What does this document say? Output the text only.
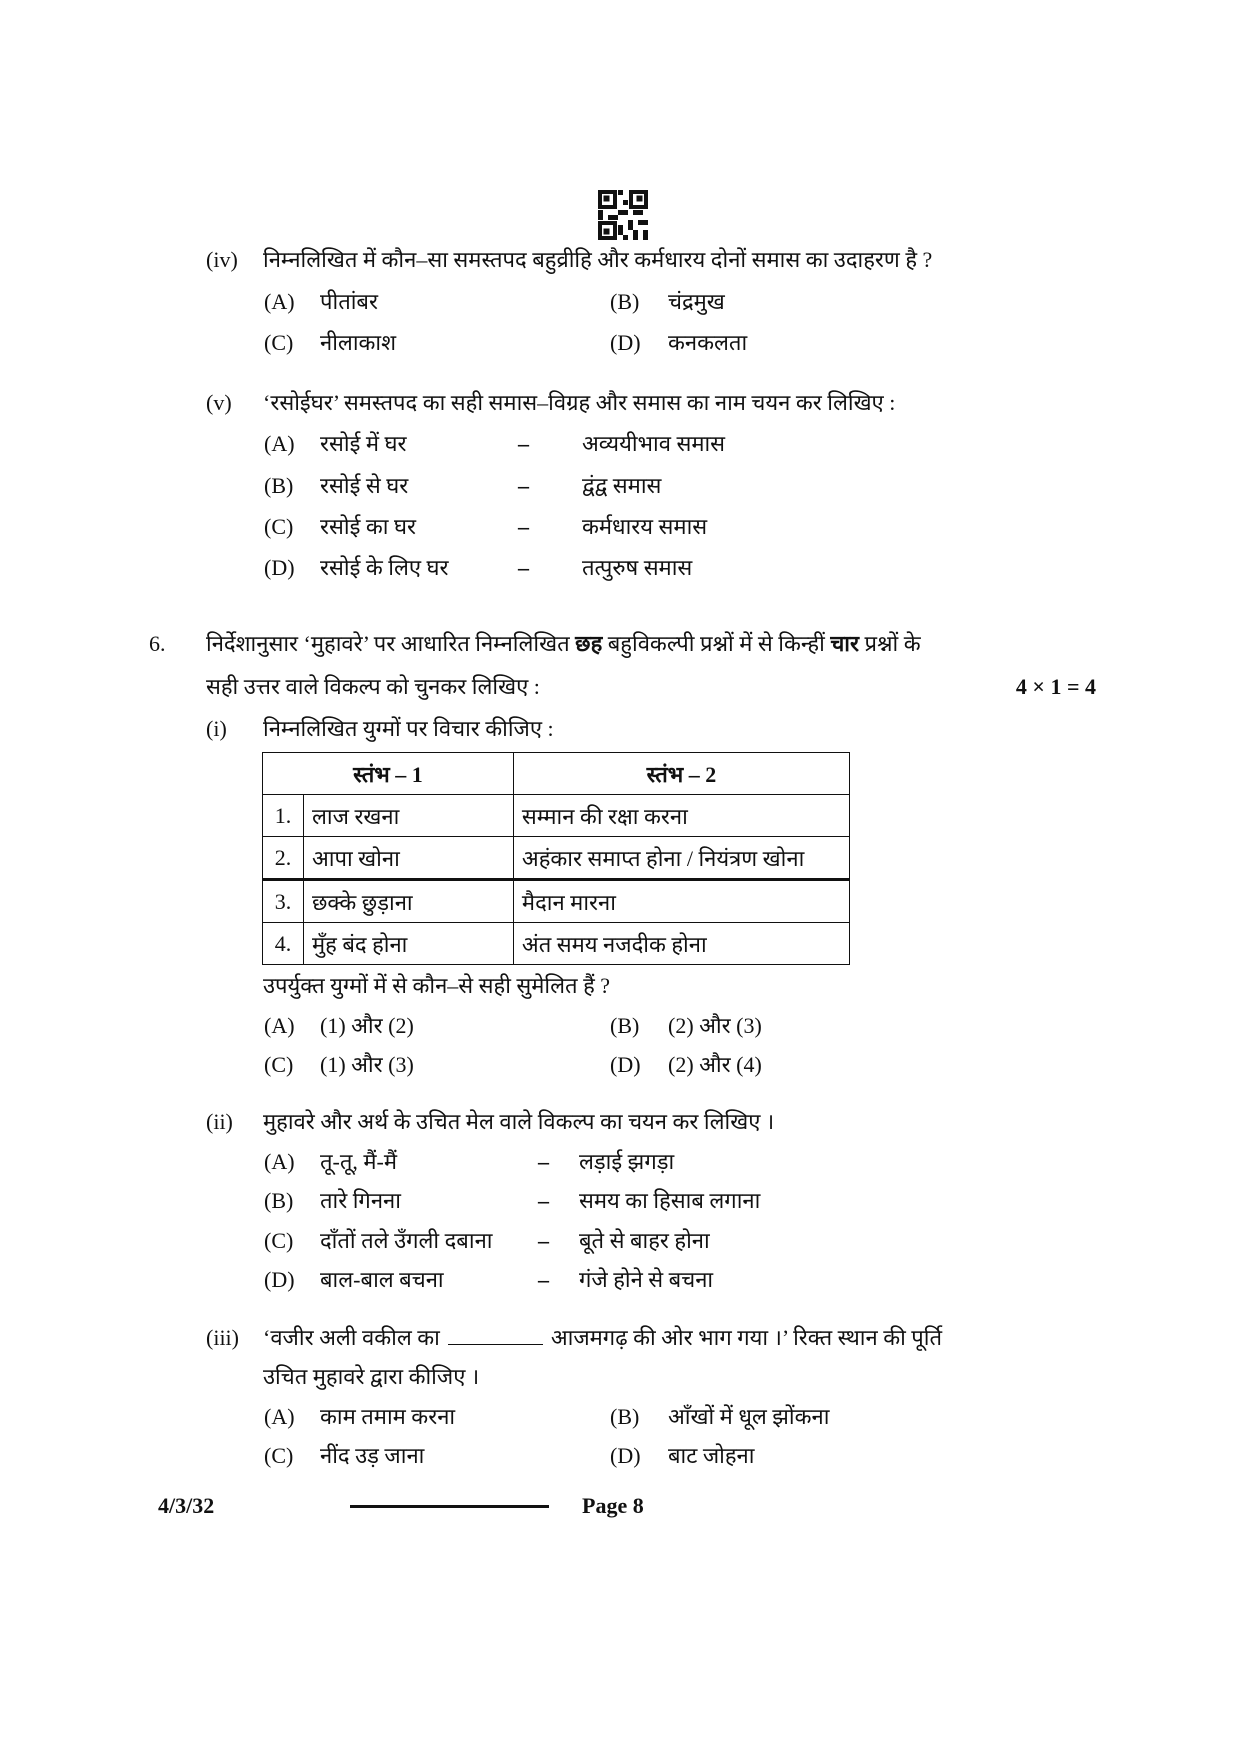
(iv) निम्नलिखित में कौन–सा समस्तपद बहुव्रीहि और कर्मधारय दोनों समास का उदाहरण है ?
(A) पीतांबर	(B) चंद्रमुख
(C) नीलाकाश	(D) कनकलता
(v) ‘रसोईघर’ समस्तपद का सही समास–विग्रह और समास का नाम चयन कर लिखिए :
(A) रसोई में घर	– अव्ययीभाव समास
(B) रसोई से घर	– द्वंद्व समास
(C) रसोई का घर	– कर्मधारय समास
(D) रसोई के लिए घर	– तत्पुरुष समास
6. निर्देशानुसार ‘मुहावरे’ पर आधारित निम्नलिखित छह बहुविकल्पी प्रश्नों में से किन्हीं चार प्रश्नों के
सही उत्तर वाले विकल्प को चुनकर लिखिए :	4 × 1 = 4
(i) निम्नलिखित युग्मों पर विचार कीजिए :
स्तंभ – 1		स्तंभ – 2
1.	लाज रखना	सम्मान की रक्षा करना
2.	आपा खोना	अहंकार समाप्त होना / नियंत्रण खोना
3.	छक्के छुड़ाना	मैदान मारना
4.	मुँह बंद होना	अंत समय नजदीक होना
उपर्युक्त युग्मों में से कौन–से सही सुमेलित हैं ?
(A) (1) और (2)	(B) (2) और (3)
(C) (1) और (3)	(D) (2) और (4)
(ii) मुहावरे और अर्थ के उचित मेल वाले विकल्प का चयन कर लिखिए ।
(A) तू-तू, मैं-मैं	– लड़ाई झगड़ा
(B) तारे गिनना	– समय का हिसाब लगाना
(C) दाँतों तले उँगली दबाना – बूते से बाहर होना
(D) बाल-बाल बचना	– गंजे होने से बचना
(iii) ‘वजीर अली वकील का	आजमगढ़ की ओर भाग गया ।’ रिक्त स्थान की पूर्ति
उचित मुहावरे द्वारा कीजिए ।
(A) काम तमाम करना	(B) आँखों में धूल झोंकना
(C) नींद उड़ जाना	(D) बाट जोहना
4/3/32	Page 8
